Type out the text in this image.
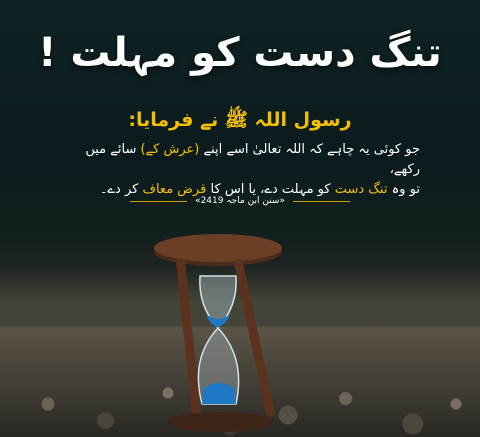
تنگ دست کو مہلت !
رسول اللہ ﷺ نے فرمایا:
جو کوئی یہ چاہے کہ اللہ تعالیٰ اسے اپنے (عرش کے) سائے میں رکھے،
تو وہ تنگ دست کو مہلت دے، یا اس کا قرض معاف کر دے۔
«سنن ابن ماجہ 2419»
